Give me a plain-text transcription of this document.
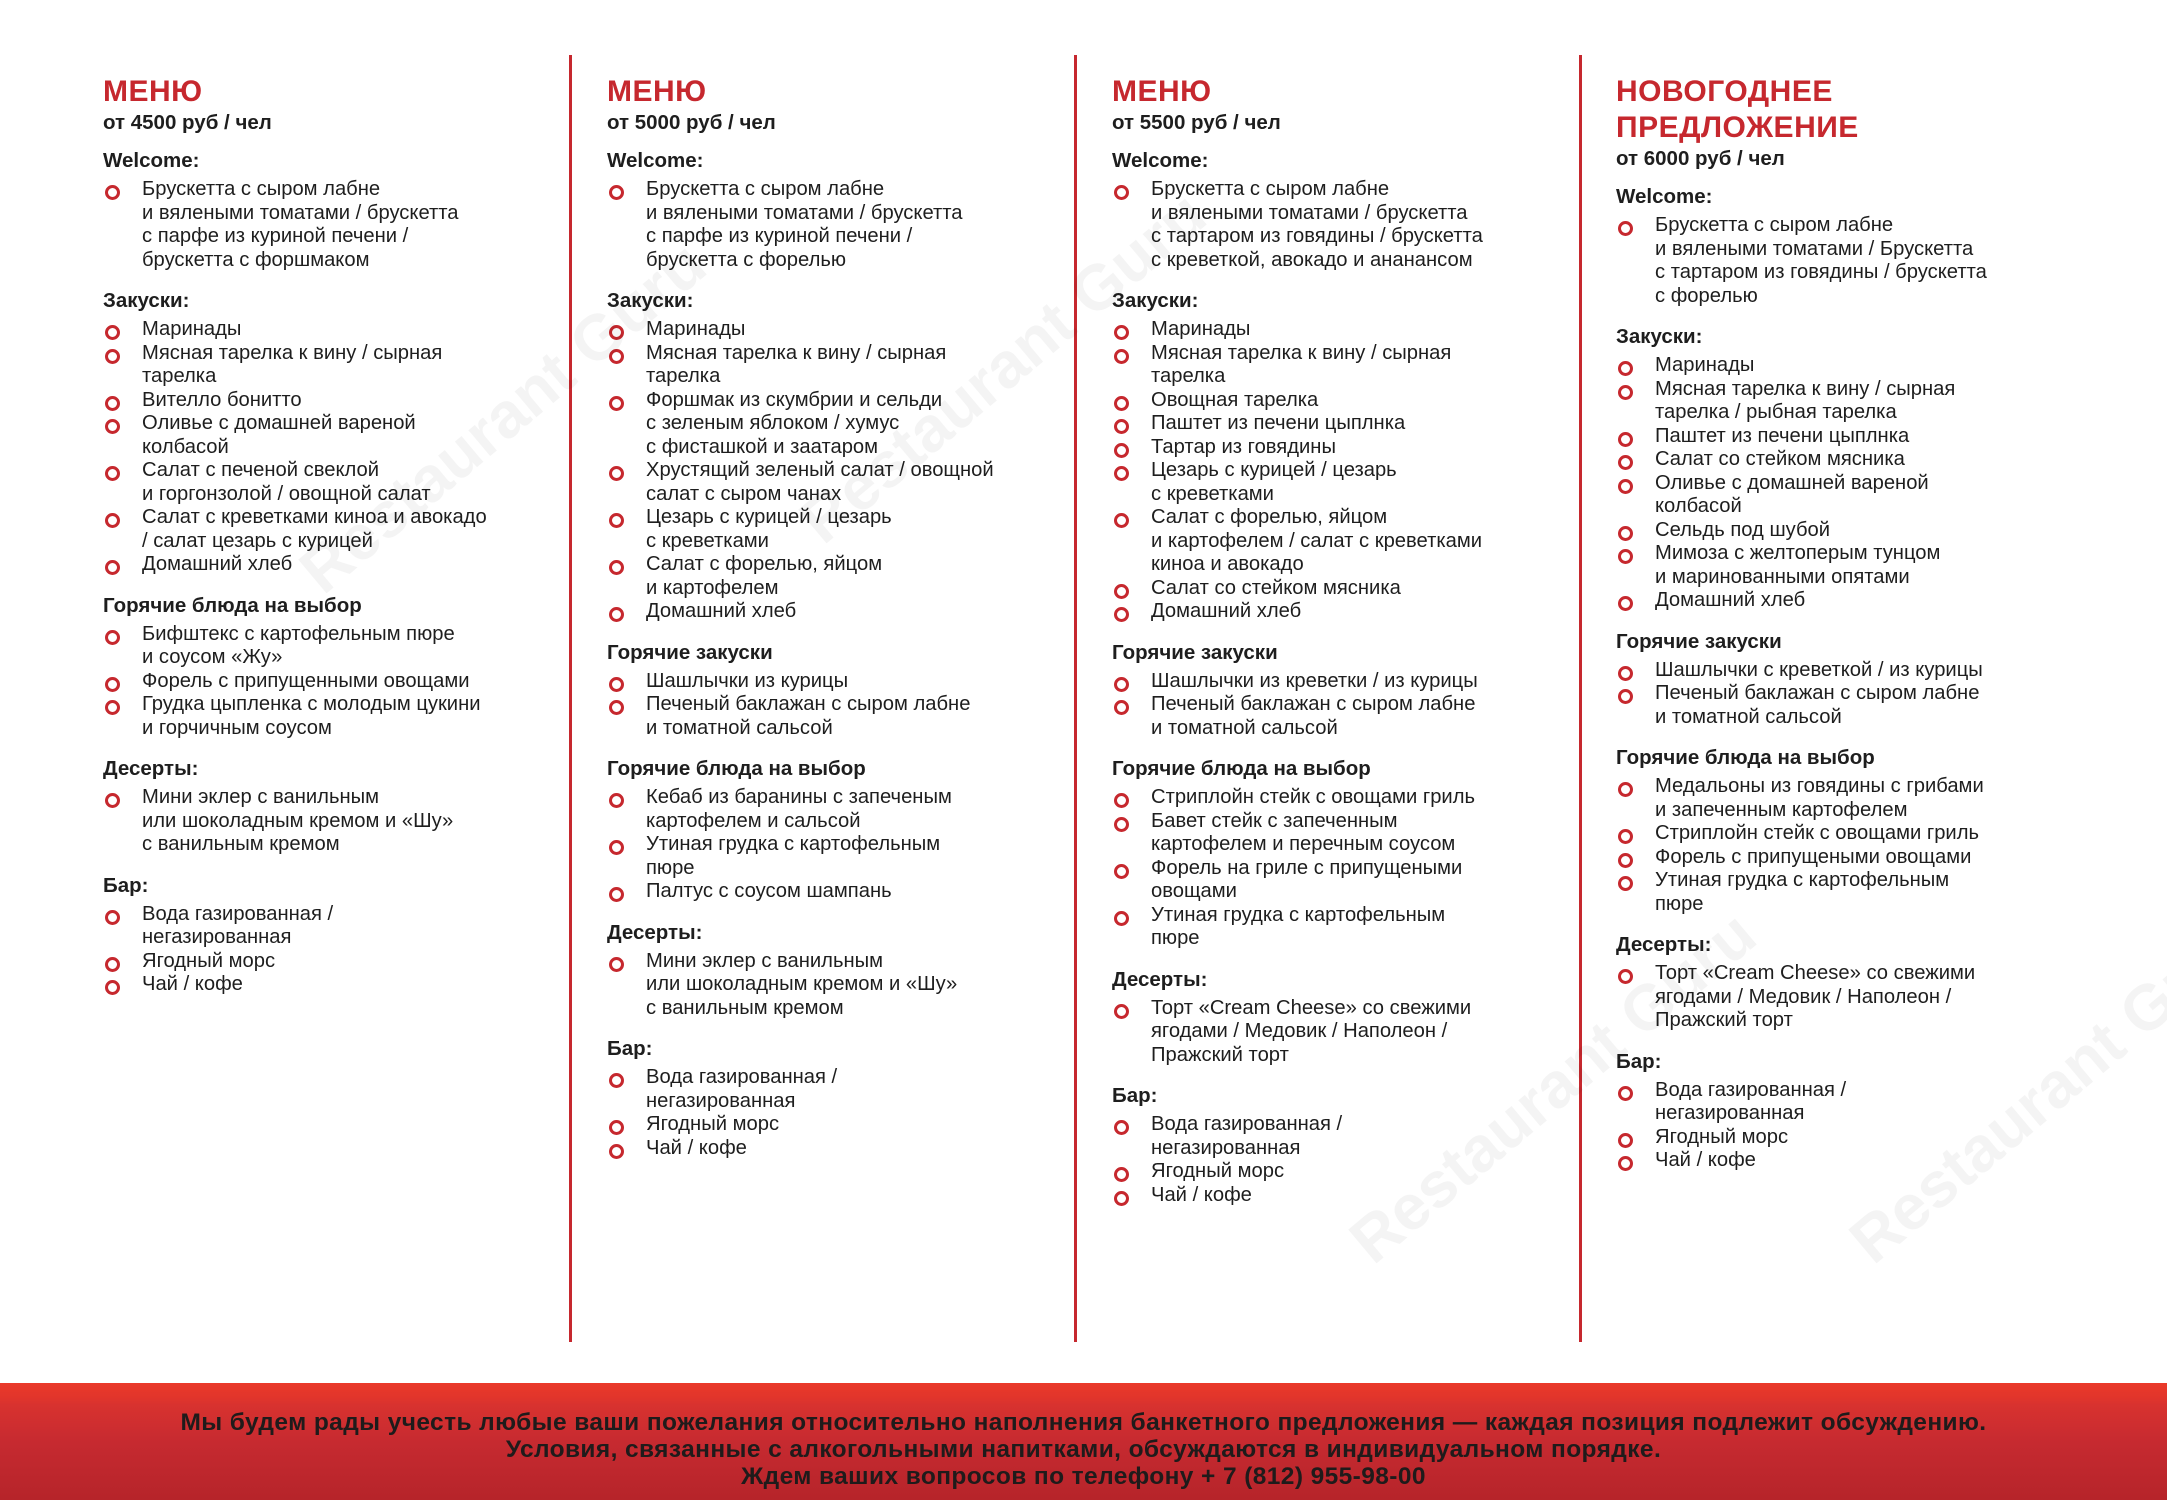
МЕНЮ
от 4500 руб / чел
Welcome:
Брускетта с сыром лабне
и вялеными томатами / брускетта
с парфе из куриной печени /
брускетта с форшмаком
Закуски:
Маринады
Мясная тарелка к вину / сырная
тарелка
Вителло бонитто
Оливье с домашней вареной
колбасой
Салат с печеной свеклой
и горгонзолой / овощной салат
Салат с креветками киноа и авокадо
/ салат цезарь с курицей
Домашний хлеб
Горячие блюда на выбор
Бифштекс с картофельным пюре
и соусом «Жу»
Форель с припущенными овощами
Грудка цыпленка с молодым цукини
и горчичным соусом
Десерты:
Мини эклер с ванильным
или шоколадным кремом и «Шу»
с ванильным кремом
Бар:
Вода газированная /
негазированная
Ягодный морс
Чай / кофе
МЕНЮ
от 5000 руб / чел
Welcome:
Брускетта с сыром лабне
и вялеными томатами / брускетта
с парфе из куриной печени /
брускетта с форелью
Закуски:
Маринады
Мясная тарелка к вину / сырная
тарелка
Форшмак из скумбрии и сельди
с зеленым яблоком / хумус
с фисташкой и заатаром
Хрустящий зеленый салат / овощной
салат с сыром чанах
Цезарь с курицей / цезарь
с креветками
Салат с форелью, яйцом
и картофелем
Домашний хлеб
Горячие закуски
Шашлычки из курицы
Печеный баклажан с сыром лабне
и томатной сальсой
Горячие блюда на выбор
Кебаб из баранины с запеченым
картофелем и сальсой
Утиная грудка с картофельным
пюре
Палтус с соусом шампань
Десерты:
Мини эклер с ванильным
или шоколадным кремом и «Шу»
с ванильным кремом
Бар:
Вода газированная /
негазированная
Ягодный морс
Чай / кофе
МЕНЮ
от 5500 руб / чел
Welcome:
Брускетта с сыром лабне
и вялеными томатами / брускетта
с тартаром из говядины / брускетта
с креветкой, авокадо и ананансом
Закуски:
Маринады
Мясная тарелка к вину / сырная
тарелка
Овощная тарелка
Паштет из печени цыплнка
Тартар из говядины
Цезарь с курицей / цезарь
с креветками
Салат с форелью, яйцом
и картофелем / салат с креветками
киноа и авокадо
Салат со стейком мясника
Домашний хлеб
Горячие закуски
Шашлычки из креветки / из курицы
Печеный баклажан с сыром лабне
и томатной сальсой
Горячие блюда на выбор
Стриплойн стейк с овощами гриль
Бавет стейк с запеченным
картофелем и перечным соусом
Форель на гриле с припущеными
овощами
Утиная грудка с картофельным
пюре
Десерты:
Торт «Cream Cheese» со свежими
ягодами / Медовик / Наполеон /
Пражский торт
Бар:
Вода газированная /
негазированная
Ягодный морс
Чай / кофе
НОВОГОДНЕЕ
ПРЕДЛОЖЕНИЕ
от 6000 руб / чел
Welcome:
Брускетта с сыром лабне
и вялеными томатами / Брускетта
с тартаром из говядины / брускетта
с форелью
Закуски:
Маринады
Мясная тарелка к вину / сырная
тарелка / рыбная тарелка
Паштет из печени цыплнка
Салат со стейком мясника
Оливье с домашней вареной
колбасой
Сельдь под шубой
Мимоза с желтоперым тунцом
и маринованными опятами
Домашний хлеб
Горячие закуски
Шашлычки с креветкой / из курицы
Печеный баклажан с сыром лабне
и томатной сальсой
Горячие блюда на выбор
Медальоны из говядины с грибами
и запеченным картофелем
Стриплойн стейк с овощами гриль
Форель с припущеными овощами
Утиная грудка с картофельным
пюре
Десерты:
Торт «Cream Cheese» со свежими
ягодами / Медовик / Наполеон /
Пражский торт
Бар:
Вода газированная /
негазированная
Ягодный морс
Чай / кофе
Мы будем рады учесть любые ваши пожелания относительно наполнения банкетного предложения — каждая позиция подлежит обсуждению.
Условия, связанные с алкогольными напитками, обсуждаются в индивидуальном порядке.
Ждем ваших вопросов по телефону + 7 (812) 955-98-00
